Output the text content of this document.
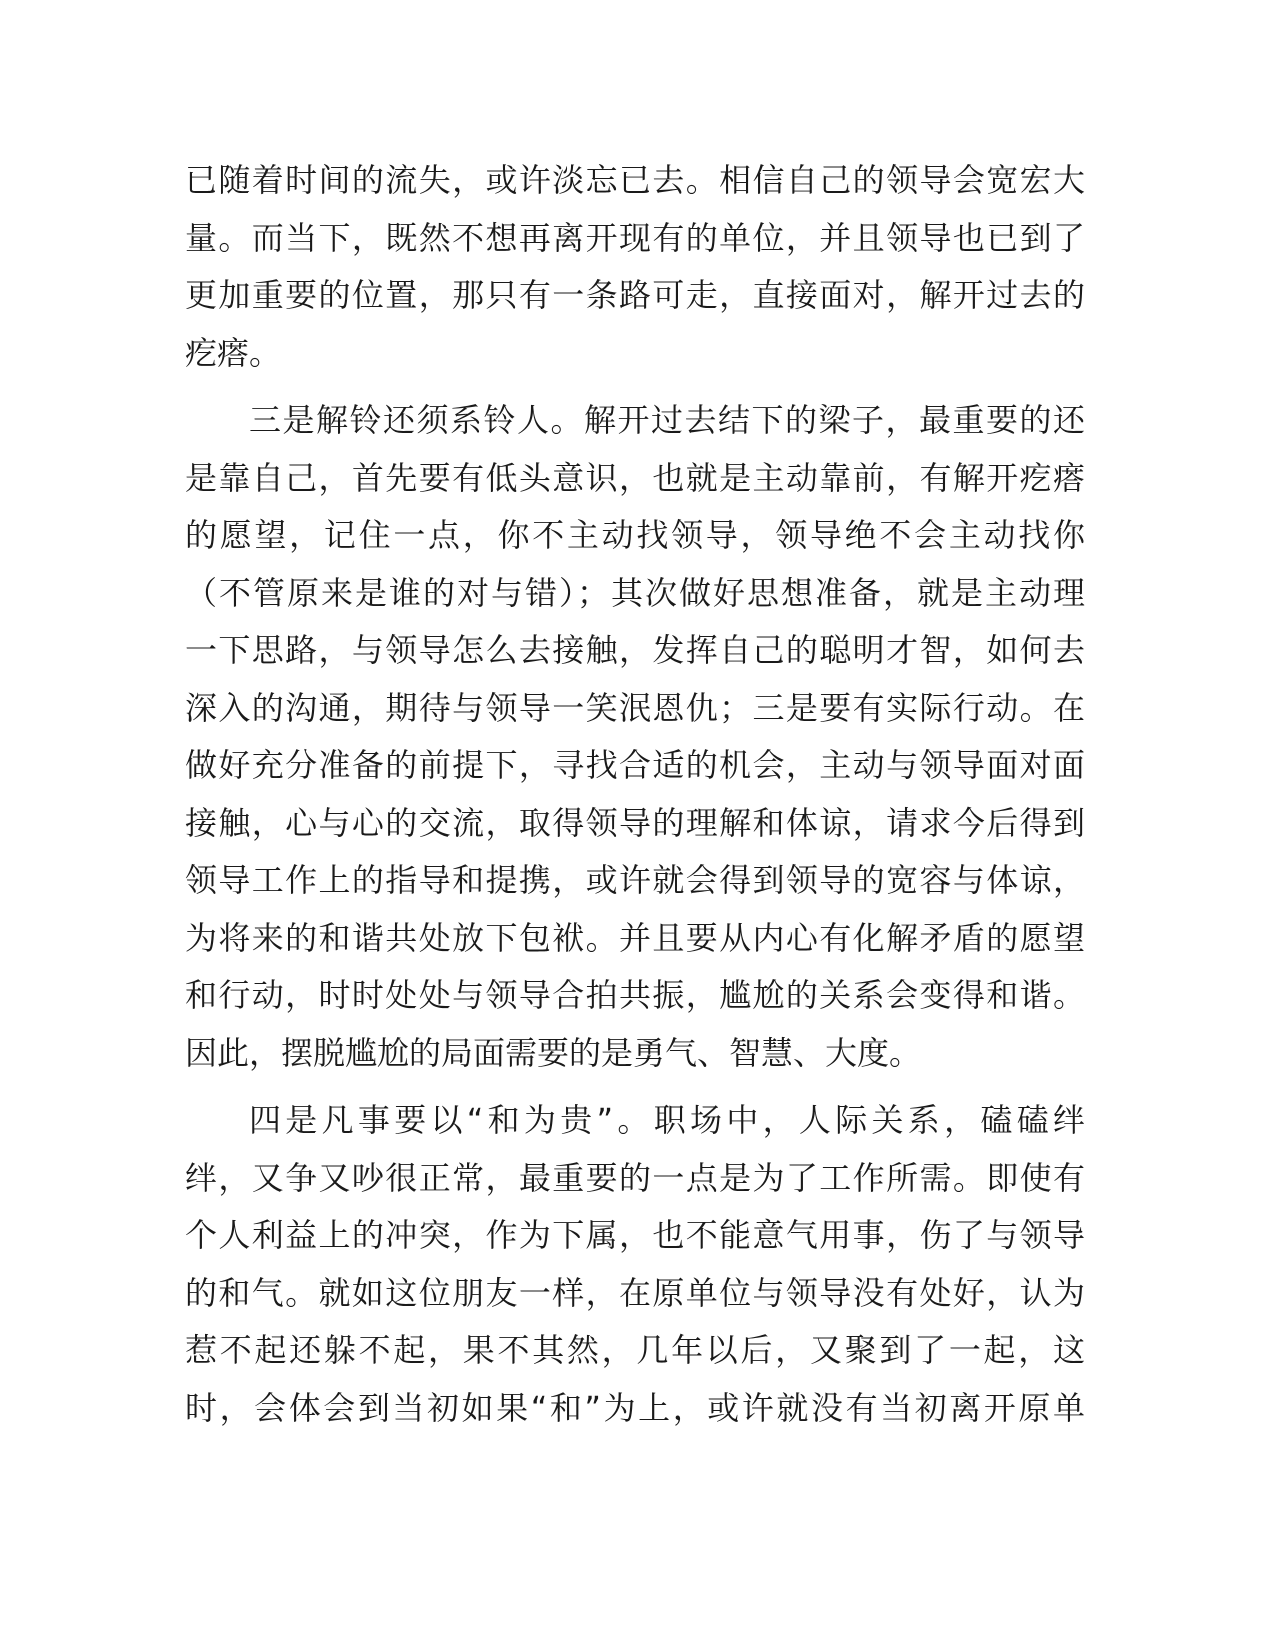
已随着时间的流失，或许淡忘已去。相信自己的领导会宽宏大
量。而当下，既然不想再离开现有的单位，并且领导也已到了
更加重要的位置，那只有一条路可走，直接面对，解开过去的
疙瘩。
三是解铃还须系铃人。解开过去结下的梁子，最重要的还
是靠自己，首先要有低头意识，也就是主动靠前，有解开疙瘩
的愿望，记住一点，你不主动找领导，领导绝不会主动找你
（不管原来是谁的对与错）；其次做好思想准备，就是主动理
一下思路，与领导怎么去接触，发挥自己的聪明才智，如何去
深入的沟通，期待与领导一笑泯恩仇；三是要有实际行动。在
做好充分准备的前提下，寻找合适的机会，主动与领导面对面
接触，心与心的交流，取得领导的理解和体谅，请求今后得到
领导工作上的指导和提携，或许就会得到领导的宽容与体谅，
为将来的和谐共处放下包袱。并且要从内心有化解矛盾的愿望
和行动，时时处处与领导合拍共振，尴尬的关系会变得和谐。
因此，摆脱尴尬的局面需要的是勇气、智慧、大度。
四是凡事要以“和为贵”。职场中，人际关系，磕磕绊
绊，又争又吵很正常，最重要的一点是为了工作所需。即使有
个人利益上的冲突，作为下属，也不能意气用事，伤了与领导
的和气。就如这位朋友一样，在原单位与领导没有处好，认为
惹不起还躲不起，果不其然，几年以后，又聚到了一起，这
时，会体会到当初如果“和”为上，或许就没有当初离开原单
